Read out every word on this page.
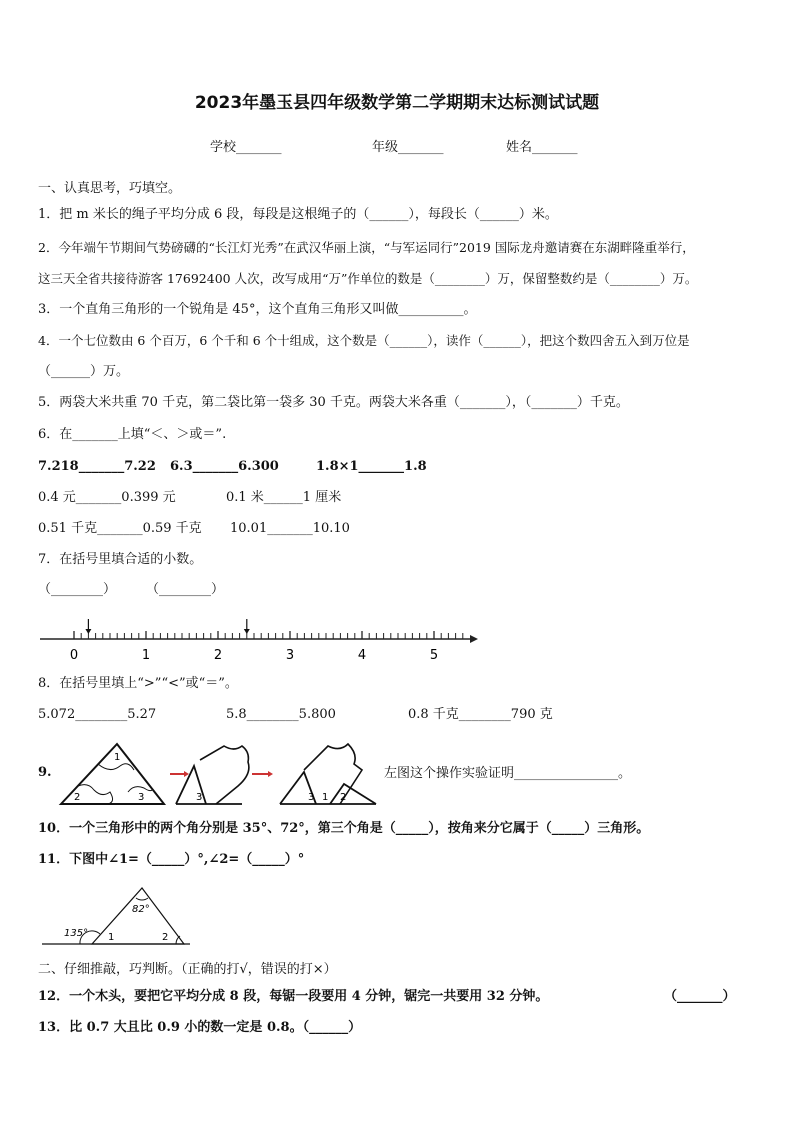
2023年墨玉县四年级数学第二学期期末达标测试试题
学校_______	年级_______	姓名_______
一、认真思考，巧填空。
1．把 m 米长的绳子平均分成 6 段，每段是这根绳子的（______），每段长（______）米。
2．今年端午节期间气势磅礴的“长江灯光秀”在武汉华丽上演，“与军运同行”2019 国际龙舟邀请赛在东湖畔隆重举行，
这三天全省共接待游客 17692400 人次，改写成用“万”作单位的数是（________）万，保留整数约是（________）万。
3．一个直角三角形的一个锐角是 45°，这个直角三角形又叫做__________。
4．一个七位数由 6 个百万，6 个千和 6 个十组成，这个数是（______），读作（______），把这个数四舍五入到万位是
（______）万。
5．两袋大米共重 70 千克，第二袋比第一袋多 30 千克。两袋大米各重（_______），（_______）千克。
6．在_______上填“＜、＞或＝”.
7.218_______7.22 6.3_______6.300	1.8×1_______1.8
0.4 元_______0.399 元	0.1 米______1 厘米
0.51 千克_______0.59 千克 10.01_______10.10
7．在括号里填合适的小数。
（________） （________）
0	1	2	3	4	5
8．在括号里填上“>”“<”或“＝”。
5.072________5.27	5.8________5.800	0.8 千克________790 克
9.
1
2	3	3	3 1 2
左图这个操作实验证明________________。
10．一个三角形中的两个角分别是 35°、72°，第三个角是（_____），按角来分它属于（_____）三角形。
11．下图中∠1=（_____）°,∠2=（_____）°
135°
82°
1	2
二、仔细推敲，巧判断。（正确的打√，错误的打×）
12．一个木头，要把它平均分成 8 段，每锯一段要用 4 分钟，锯完一共要用 32 分钟。	（_______）
13．比 0.7 大且比 0.9 小的数一定是 0.8。（______）
